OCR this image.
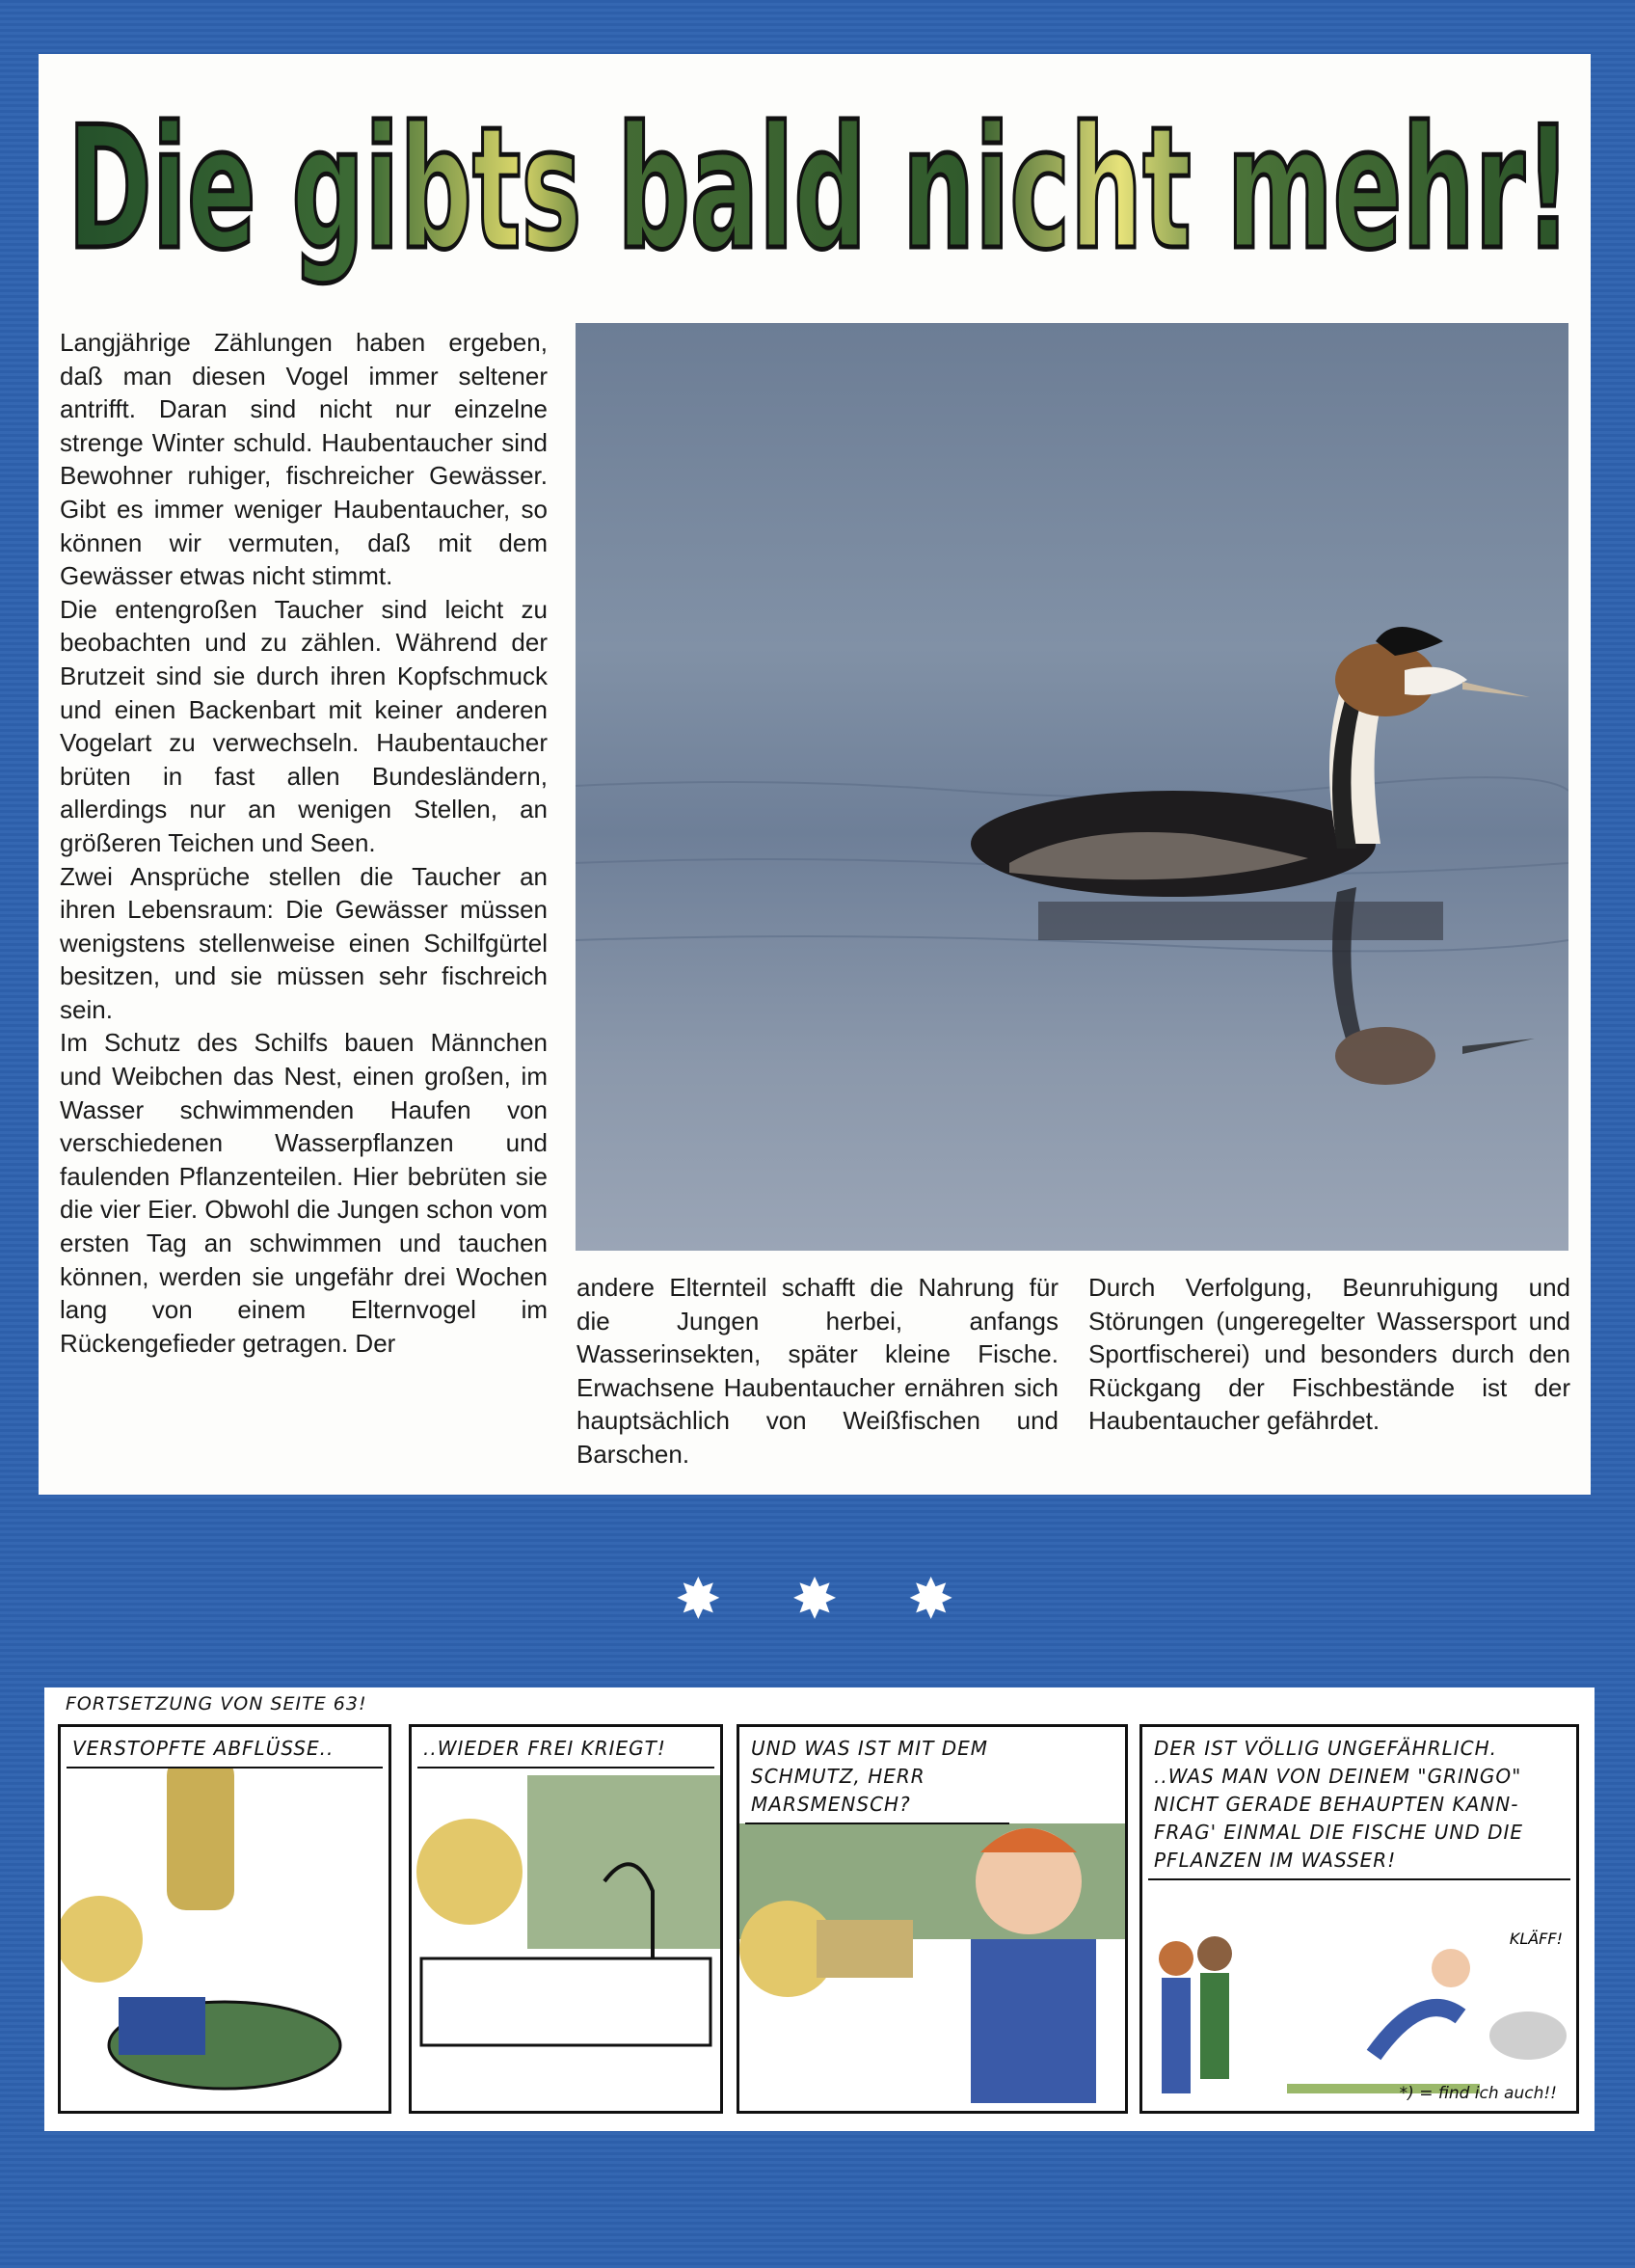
Die gibts bald nicht mehr!

Langjährige Zählungen haben ergeben, daß man diesen Vogel immer seltener antrifft. Daran sind nicht nur einzelne strenge Winter schuld. Haubentaucher sind Bewohner ruhiger, fischreicher Gewässer. Gibt es immer weniger Haubentaucher, so können wir vermuten, daß mit dem Gewässer etwas nicht stimmt.

Die entengroßen Taucher sind leicht zu beobachten und zu zählen. Während der Brutzeit sind sie durch ihren Kopfschmuck und einen Backenbart mit keiner anderen Vogelart zu verwechseln. Haubentaucher brüten in fast allen Bundesländern, allerdings nur an wenigen Stellen, an größeren Teichen und Seen.

Zwei Ansprüche stellen die Taucher an ihren Lebensraum: Die Gewässer müssen wenigstens stellenweise einen Schilfgürtel besitzen, und sie müssen sehr fischreich sein.

Im Schutz des Schilfs bauen Männchen und Weibchen das Nest, einen großen, im Wasser schwimmenden Haufen von verschiedenen Wasserpflanzen und faulenden Pflanzenteilen. Hier bebrüten sie die vier Eier. Obwohl die Jungen schon vom ersten Tag an schwimmen und tauchen können, werden sie ungefähr drei Wochen lang von einem Elternvogel im Rückengefieder getragen. Der

andere Elternteil schafft die Nahrung für die Jungen herbei, anfangs Wasserinsekten, später kleine Fische. Erwachsene Haubentaucher ernähren sich hauptsächlich von Weißfischen und Barschen.

Durch Verfolgung, Beunruhigung und Störungen (ungeregelter Wassersport und Sportfischerei) und besonders durch den Rückgang der Fischbestände ist der Haubentaucher gefährdet.

✸ ✸ ✸
FORTSETZUNG VON SEITE 63!
VERSTOPFTE ABFLÜSSE..	..WIEDER FREI KRIEGT!	UND WAS IST MIT DEM SCHMUTZ, HERR MARSMENSCH?
DER IST VÖLLIG UNGEFÄHRLICH. ..WAS MAN VON DEINEM "GRINGO" NICHT GERADE BEHAUPTEN KANN- FRAG' EINMAL DIE FISCHE UND DIE PFLANZEN IM WASSER!
KLÄFF!
*) = find ich auch!!
